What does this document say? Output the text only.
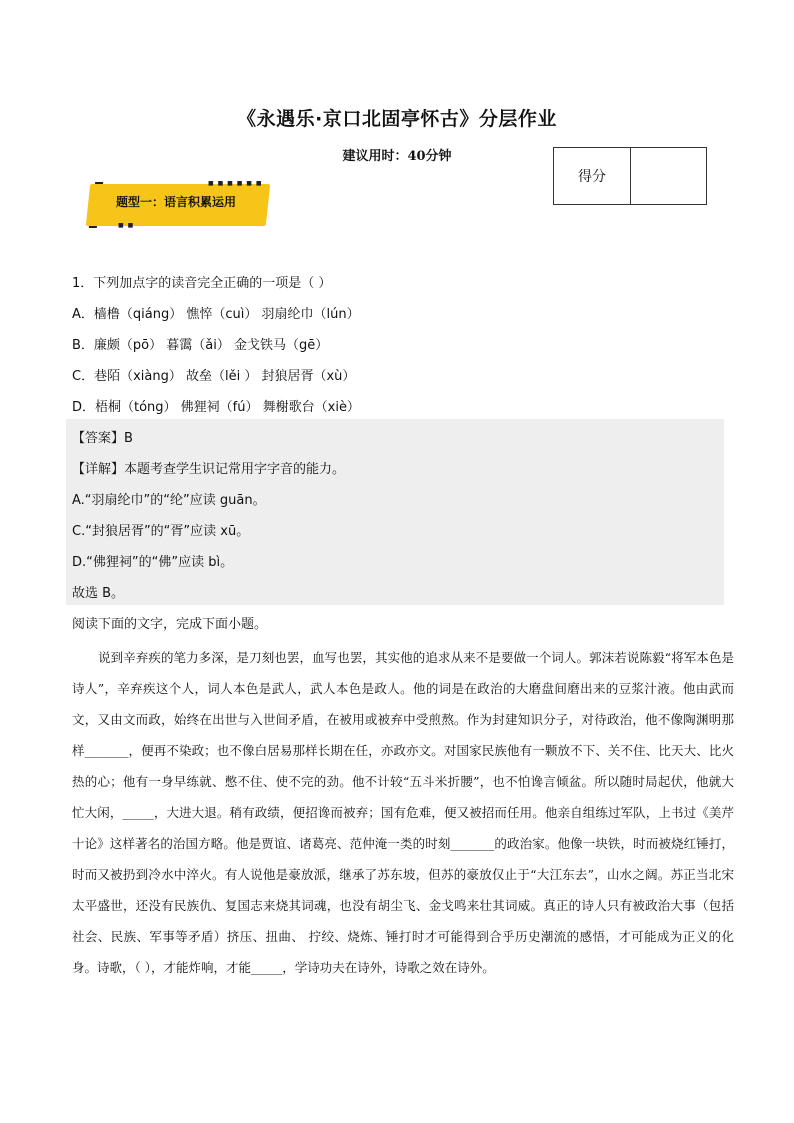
《永遇乐·京口北固亭怀古》分层作业
建议用时：40分钟
得分
■ ■ ■ ■ ■ ■
■ ■
题型一：语言积累运用
1．下列加点字的读音完全正确的一项是（ ）
A．樯橹（qiáng） 憔悴（cuì） 羽扇纶巾（lún）
B．廉颇（pō） 暮霭（ǎi） 金戈铁马（gē）
C．巷陌（xiàng） 故垒（lěi ） 封狼居胥（xù）
D．梧桐（tóng） 佛狸祠（fú） 舞榭歌台（xiè）
【答案】B
【详解】本题考查学生识记常用字字音的能力。
A.“羽扇纶巾”的“纶”应读 guān。
C.“封狼居胥”的“胥”应读 xū。
D.“佛狸祠”的“佛”应读 bì。
故选 B。
阅读下面的文字，完成下面小题。

说到辛弃疾的笔力多深，是刀刻也罢，血写也罢，其实他的追求从来不是要做一个词人。郭沫若说陈毅“将军本色是诗人”，辛弃疾这个人，词人本色是武人，武人本色是政人。他的词是在政治的大磨盘间磨出来的豆浆汁液。他由武而文，又由文而政，始终在出世与入世间矛盾，在被用或被弃中受煎熬。作为封建知识分子，对待政治，他不像陶渊明那样_______，便再不染政；也不像白居易那样长期在任，亦政亦文。对国家民族他有一颗放不下、关不住、比天大、比火热的心；他有一身早练就、憋不住、使不完的劲。他不计较“五斗米折腰”，也不怕谗言倾盆。所以随时局起伏，他就大忙大闲，_____，大进大退。稍有政绩，便招谗而被弃；国有危难，便又被招而任用。他亲自组练过军队，上书过《美芹十论》这样著名的治国方略。他是贾谊、诸葛亮、范仲淹一类的时刻_______的政治家。他像一块铁，时而被烧红锤打，时而又被扔到冷水中淬火。有人说他是豪放派，继承了苏东坡，但苏的豪放仅止于“大江东去”，山水之阔。苏正当北宋太平盛世，还没有民族仇、复国志来烧其词魂，也没有胡尘飞、金戈鸣来壮其词威。真正的诗人只有被政治大事（包括社会、民族、军事等矛盾）挤压、扭曲、 拧绞、烧炼、锤打时才可能得到合乎历史潮流的感悟，才可能成为正义的化身。诗歌，（ ），才能炸响，才能_____，学诗功夫在诗外，诗歌之效在诗外。
